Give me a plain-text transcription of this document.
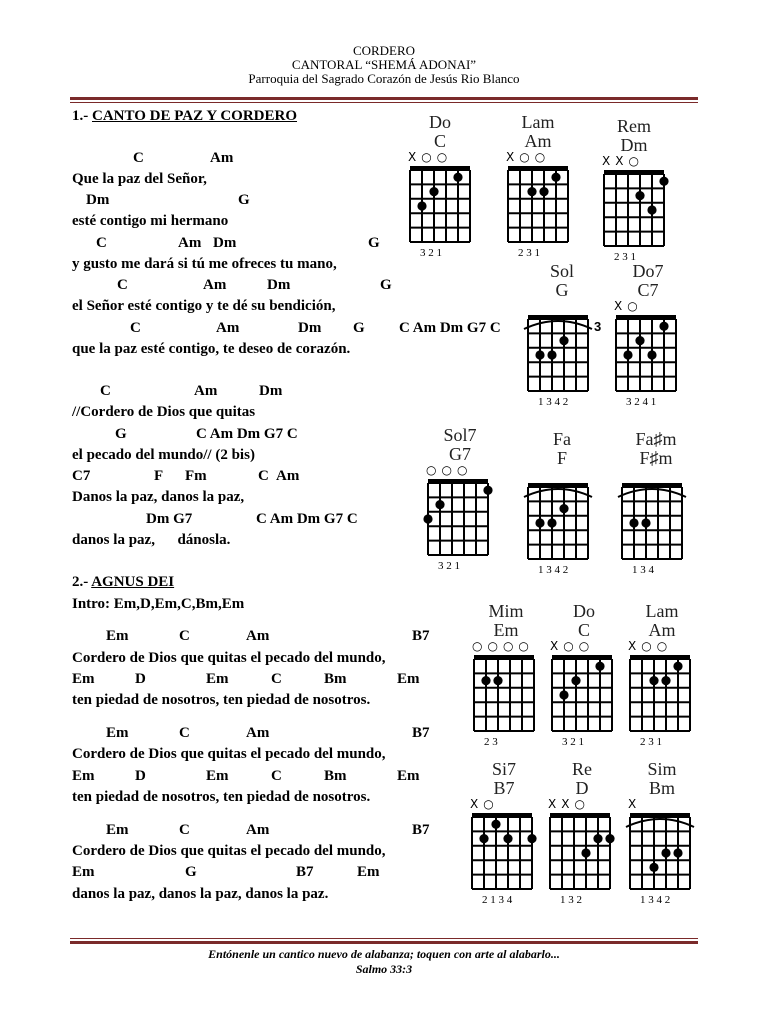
CORDERO
CANTORAL “SHEMÁ ADONAI”
Parroquia del Sagrado Corazón de Jesús Rio Blanco
1.- CANTO DE PAZ Y CORDERO
C	Am
Que la paz del Señor,
Dm	G
esté contigo mi hermano
C	Am Dm	G
y gusto me dará si tú me ofreces tu mano,
C	Am	Dm	G
el Señor esté contigo y te dé su bendición,
C	Am	Dm G C Am Dm G7 C
que la paz esté contigo, te deseo de corazón.
C	Am	Dm
//Cordero de Dios que quitas
G	C Am Dm G7 C
el pecado del mundo// (2 bis)
C7	F Fm	C Am
Danos la paz, danos la paz,
Dm G7	C Am Dm G7 C
danos la paz,      dánosla.
2.- AGNUS DEI
Intro: Em,D,Em,C,Bm,Em
Em	C	Am	B7
Cordero de Dios que quitas el pecado del mundo,
Em	D	Em	C	Bm	Em
ten piedad de nosotros, ten piedad de nosotros.
Em	C	Am	B7
Cordero de Dios que quitas el pecado del mundo,
Em	D	Em	C	Bm	Em
ten piedad de nosotros, ten piedad de nosotros.
Em	C	Am	B7
Cordero de Dios que quitas el pecado del mundo,
Em	G	B7	Em
danos la paz, danos la paz, danos la paz.
Do
C
X○○
3 2 1
Lam
Am
X○○
2 3 1
Rem
Dm
XX○
2 3 1
Sol
G
1 3 4 2
3
Do7
C7
X○
3 2 4 1
Sol7
G7
○○○
3 2 1
Fa
F
1 3 4 2
Fa♯m
F♯m
1 3 4
Mim
Em
○○○○
2 3
Do
C
X○○
3 2 1
Lam
Am
X○○
2 3 1
Si7
B7
X○
2 1 3 4
Re
D
XX○
1 3 2
Sim
Bm
X
1 3 4 2
Entónenle un cantico nuevo de alabanza; toquen con arte al alabarlo...
Salmo 33:3
